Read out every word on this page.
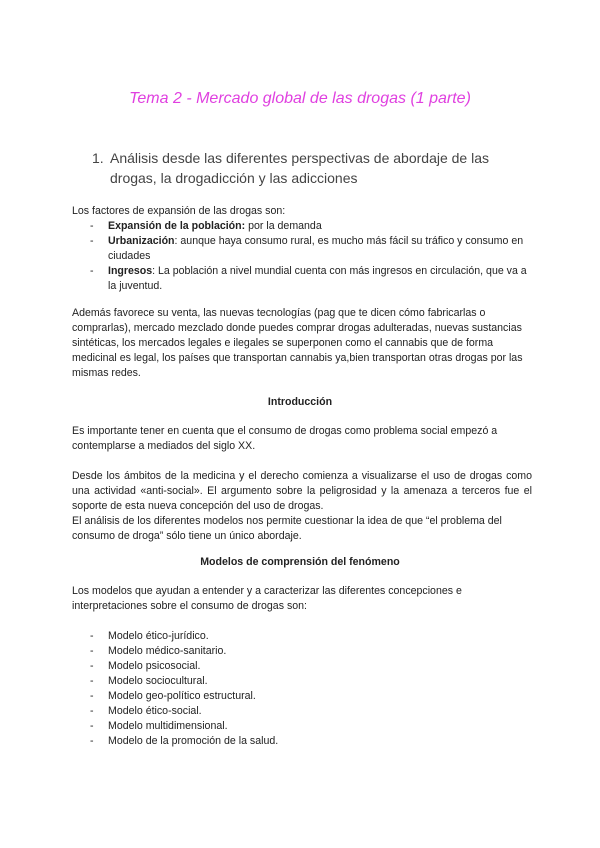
Tema 2 - Mercado global de las drogas (1 parte)
1. Análisis desde las diferentes perspectivas de abordaje de las drogas, la drogadicción y las adicciones

Los factores de expansión de las drogas son:

-	Expansión de la población: por la demanda
-	Urbanización: aunque haya consumo rural, es mucho más fácil su tráfico y consumo en ciudades
-	Ingresos: La población a nivel mundial cuenta con más ingresos en circulación, que va a la juventud.

Además favorece su venta, las nuevas tecnologías (pag que te dicen cómo fabricarlas o comprarlas), mercado mezclado donde puedes comprar drogas adulteradas, nuevas sustancias sintéticas, los mercados legales e ilegales se superponen como el cannabis que de forma medicinal es legal, los países que transportan cannabis ya,bien transportan otras drogas por las mismas redes.

Introducción

Es importante tener en cuenta que el consumo de drogas como problema social empezó a contemplarse a mediados del siglo XX.

Desde los ámbitos de la medicina y el derecho comienza a visualizarse el uso de drogas como una actividad «anti-social». El argumento sobre la peligrosidad y la amenaza a terceros fue el soporte de esta nueva concepción del uso de drogas.

El análisis de los diferentes modelos nos permite cuestionar la idea de que “el problema del consumo de droga” sólo tiene un único abordaje.

Modelos de comprensión del fenómeno

Los modelos que ayudan a entender y a caracterizar las diferentes concepciones e interpretaciones sobre el consumo de drogas son:

-	Modelo ético-jurídico.
-	Modelo médico-sanitario.
-	Modelo psicosocial.
-	Modelo sociocultural.
-	Modelo geo-político estructural.
-	Modelo ético-social.
-	Modelo multidimensional.
-	Modelo de la promoción de la salud.
